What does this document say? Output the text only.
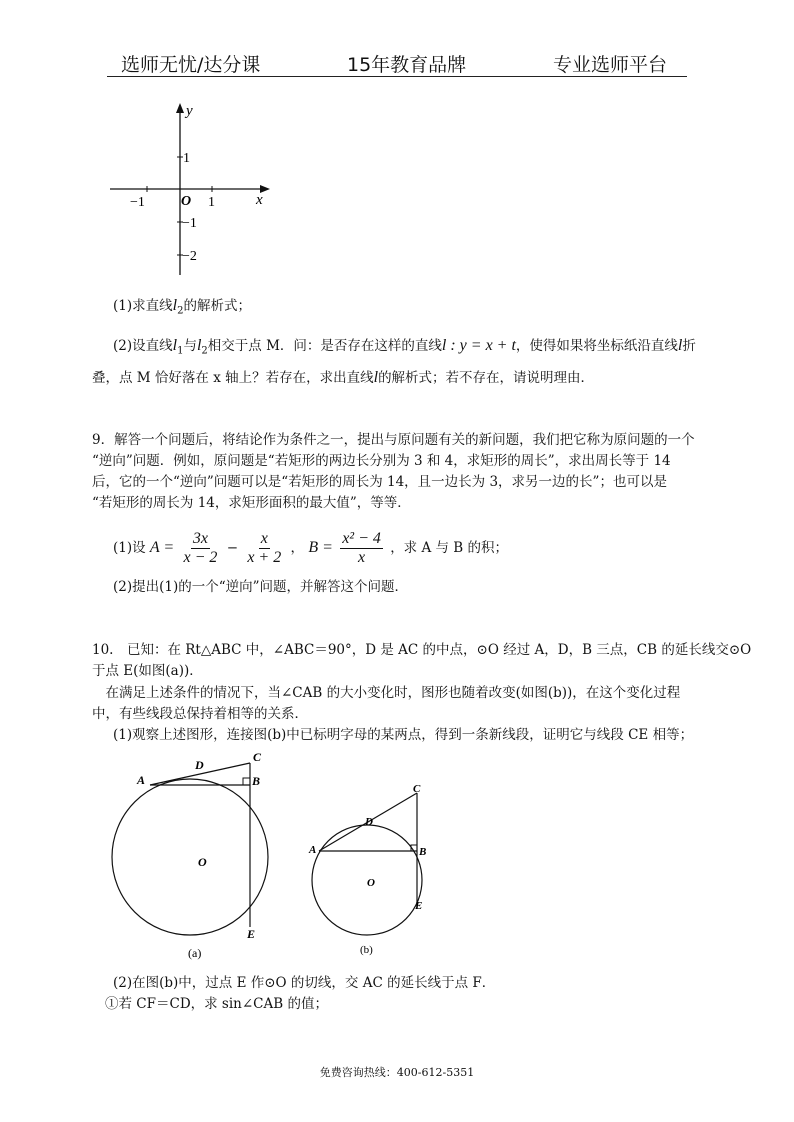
选师无忧/达分课	15年教育品牌	专业选师平台
y
x
O
−1	1
1
−1
−2
(1)求直线$l_2$的解析式；
(2)设直线$l_1$与$l_2$相交于点 M．问：是否存在这样的直线l : y = x + t，使得如果将坐标纸沿直线l折
叠，点 M 恰好落在 x 轴上？若存在，求出直线l的解析式；若不存在，请说明理由．
9．解答一个问题后，将结论作为条件之一，提出与原问题有关的新问题，我们把它称为原问题的一个
“逆向”问题．例如，原问题是“若矩形的两边长分别为 3 和 4，求矩形的周长”，求出周长等于 14
后，它的一个“逆向”问题可以是“若矩形的周长为 14，且一边长为 3，求另一边的长”；也可以是
“若矩形的周长为 14，求矩形面积的最大值”，等等．
(1)设 $A = \frac{3x}{x - 2} - \frac{x}{x + 2}$ ， $B = \frac{\text{x² − 4}}{x}$ ，求 A 与 B 的积；
(2)提出(1)的一个“逆向”问题，并解答这个问题．
10.　已知：在 Rt△ABC 中，∠ABC＝90°，D 是 AC 的中点，⊙O 经过 A，D，B 三点，CB 的延长线交⊙O
于点 E(如图(a))．
　在满足上述条件的情况下，当∠CAB 的大小变化时，图形也随着改变(如图(b))，在这个变化过程
中，有些线段总保持着相等的关系．
(1)观察上述图形，连接图(b)中已标明字母的某两点，得到一条新线段，证明它与线段 CE 相等；
A
D
C
B
O
E
(a)
A
D
C
B
O
E
(b)
(2)在图(b)中，过点 E 作⊙O 的切线，交 AC 的延长线于点 F．
①若 CF＝CD，求 sin∠CAB 的值；
免费咨询热线：400-612-5351
